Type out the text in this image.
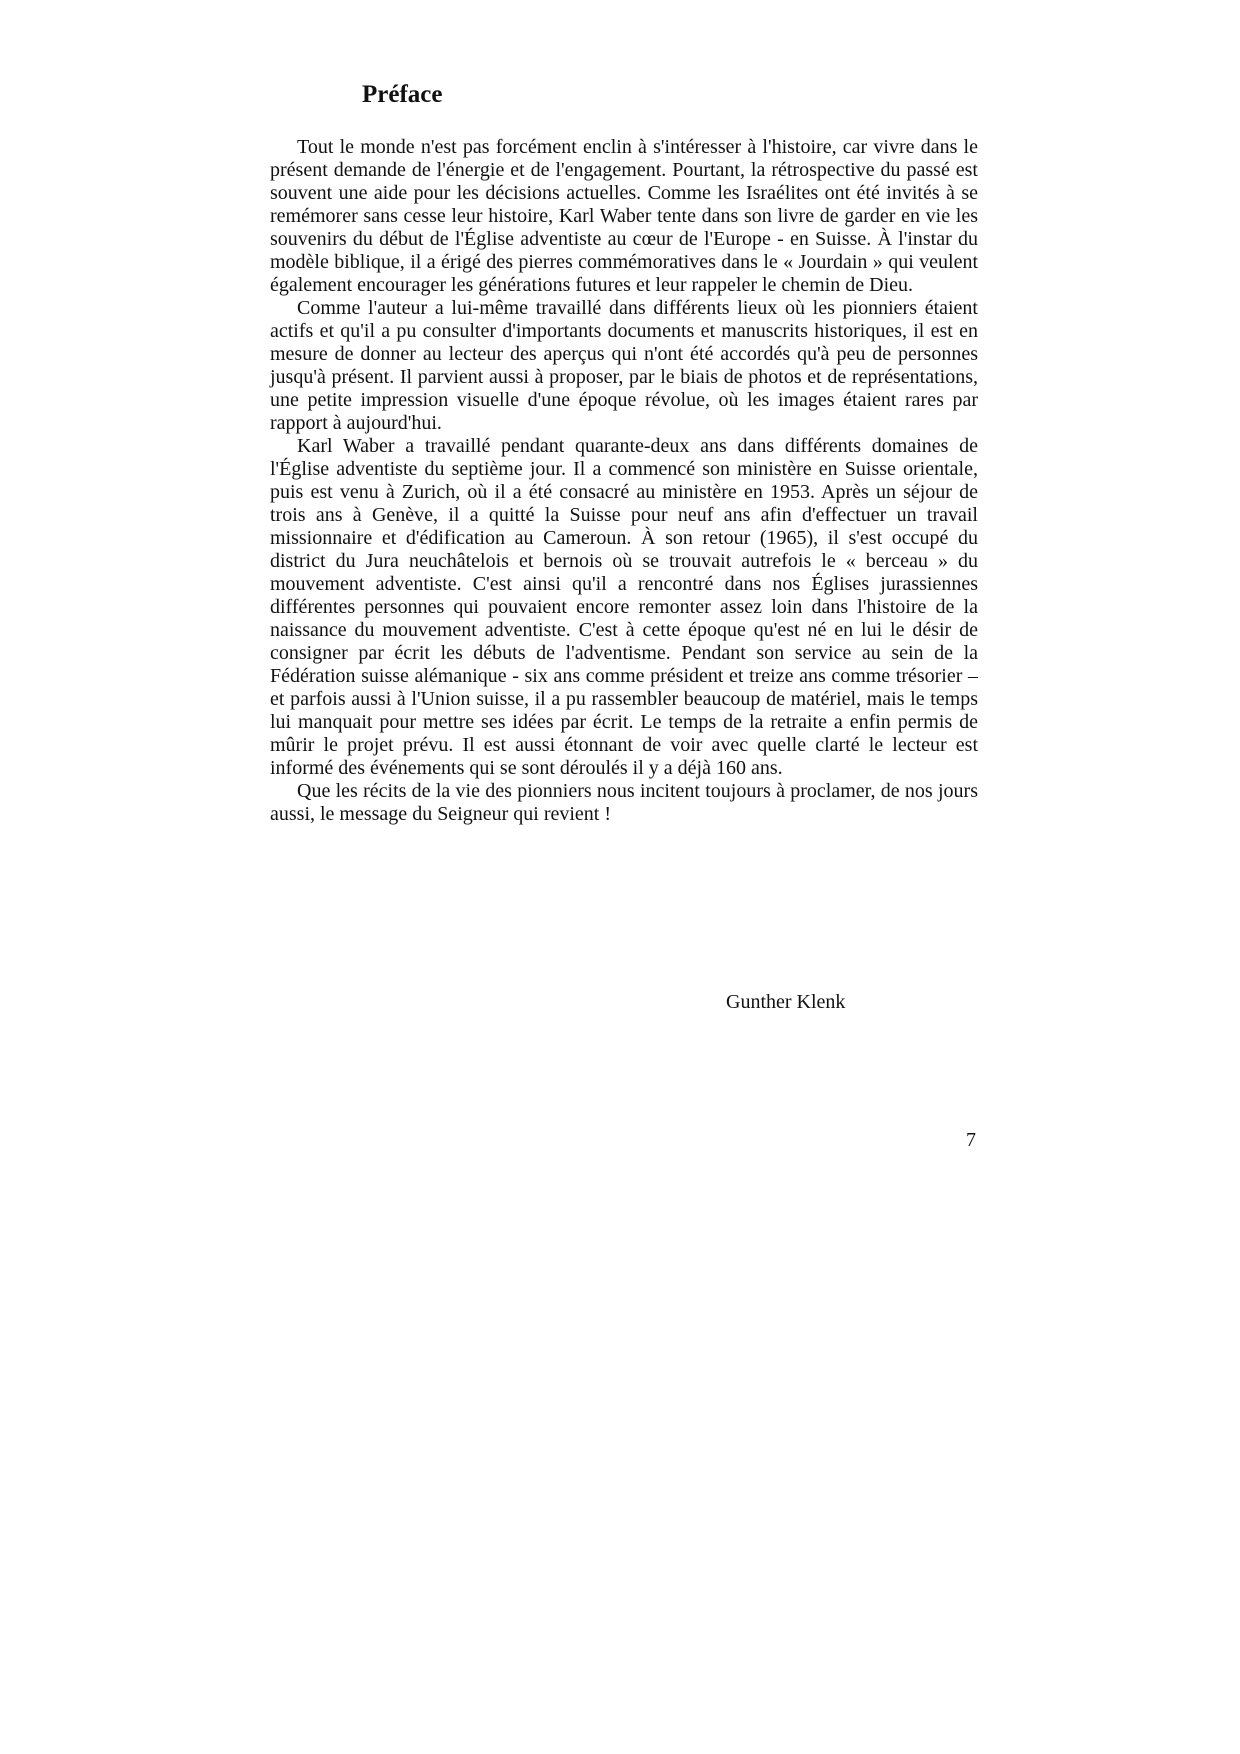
Préface

Tout le monde n'est pas forcément enclin à s'intéresser à l'histoire, car vivre dans le présent demande de l'énergie et de l'engagement. Pourtant, la rétrospective du passé est souvent une aide pour les décisions actuelles. Comme les Israélites ont été invités à se remémorer sans cesse leur histoire, Karl Waber tente dans son livre de garder en vie les souvenirs du début de l'Église adventiste au cœur de l'Europe - en Suisse. À l'instar du modèle biblique, il a érigé des pierres commémoratives dans le « Jourdain » qui veulent également encourager les générations futures et leur rappeler le chemin de Dieu.

Comme l'auteur a lui-même travaillé dans différents lieux où les pionniers étaient actifs et qu'il a pu consulter d'importants documents et manuscrits historiques, il est en mesure de donner au lecteur des aperçus qui n'ont été accordés qu'à peu de personnes jusqu'à présent. Il parvient aussi à proposer, par le biais de photos et de représentations, une petite impression visuelle d'une époque révolue, où les images étaient rares par rapport à aujourd'hui.

Karl Waber a travaillé pendant quarante-deux ans dans différents domaines de l'Église adventiste du septième jour. Il a commencé son ministère en Suisse orientale, puis est venu à Zurich, où il a été consacré au ministère en 1953. Après un séjour de trois ans à Genève, il a quitté la Suisse pour neuf ans afin d'effectuer un travail missionnaire et d'édification au Cameroun. À son retour (1965), il s'est occupé du district du Jura neuchâtelois et bernois où se trouvait autrefois le « berceau » du mouvement adventiste. C'est ainsi qu'il a rencontré dans nos Églises jurassiennes différentes personnes qui pouvaient encore remonter assez loin dans l'histoire de la naissance du mouvement adventiste. C'est à cette époque qu'est né en lui le désir de consigner par écrit les débuts de l'adventisme. Pendant son service au sein de la Fédération suisse alémanique - six ans comme président et treize ans comme trésorier – et parfois aussi à l'Union suisse, il a pu rassembler beaucoup de matériel, mais le temps lui manquait pour mettre ses idées par écrit. Le temps de la retraite a enfin permis de mûrir le projet prévu. Il est aussi étonnant de voir avec quelle clarté le lecteur est informé des événements qui se sont déroulés il y a déjà 160 ans.

Que les récits de la vie des pionniers nous incitent toujours à proclamer, de nos jours aussi, le message du Seigneur qui revient !

Gunther Klenk
7
